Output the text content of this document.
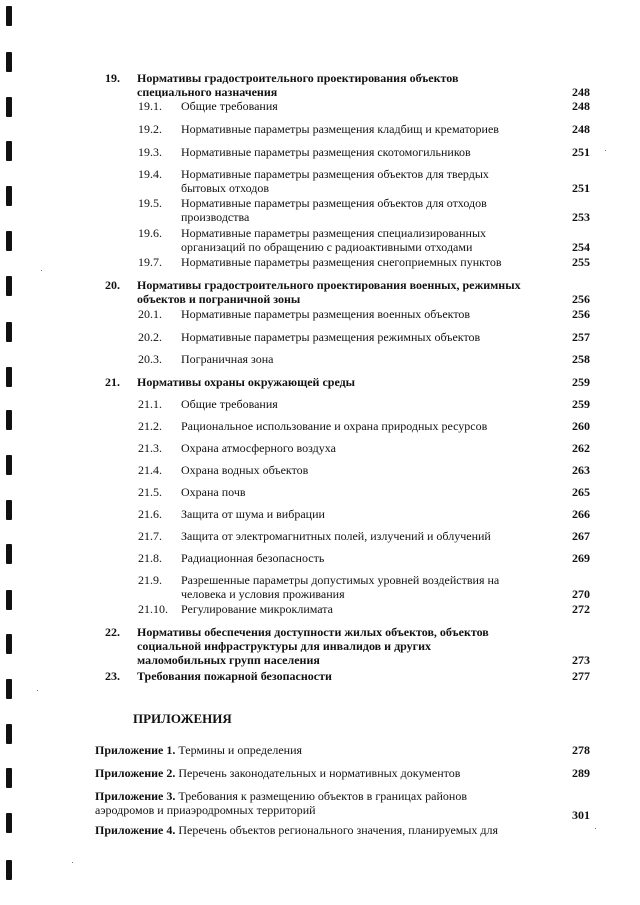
19. Нормативы градостроительного проектирования объектов
специального назначения	248
19.1. Общие требования	248
19.2. Нормативные параметры размещения кладбищ и крематориев	248
19.3. Нормативные параметры размещения скотомогильников	251
19.4. Нормативные параметры размещения объектов для твердых
бытовых отходов	251
19.5. Нормативные параметры размещения объектов для отходов
производства	253
19.6. Нормативные параметры размещения специализированных
организаций по обращению с радиоактивными отходами	254
19.7. Нормативные параметры размещения снегоприемных пунктов	255
20. Нормативы градостроительного проектирования военных, режимных
объектов и пограничной зоны	256
20.1. Нормативные параметры размещения военных объектов	256
20.2. Нормативные параметры размещения режимных объектов	257
20.3. Пограничная зона	258
21. Нормативы охраны окружающей среды	259
21.1. Общие требования	259
21.2. Рациональное использование и охрана природных ресурсов	260
21.3. Охрана атмосферного воздуха	262
21.4. Охрана водных объектов	263
21.5. Охрана почв	265
21.6. Защита от шума и вибрации	266
21.7. Защита от электромагнитных полей, излучений и облучений	267
21.8. Радиационная безопасность	269
21.9. Разрешенные параметры допустимых уровней воздействия на
человека и условия проживания	270
21.10. Регулирование микроклимата	272
22. Нормативы обеспечения доступности жилых объектов, объектов
социальной инфраструктуры для инвалидов и других
маломобильных групп населения	273
23. Требования пожарной безопасности	277
Приложение 1. Термины и определения	278
Приложение 2. Перечень законодательных и нормативных документов	289
Приложение 3. Требования к размещению объектов в границах районов
аэродромов и приаэродромных территорий	301
Приложение 4. Перечень объектов регионального значения, планируемых для
ПРИЛОЖЕНИЯ
